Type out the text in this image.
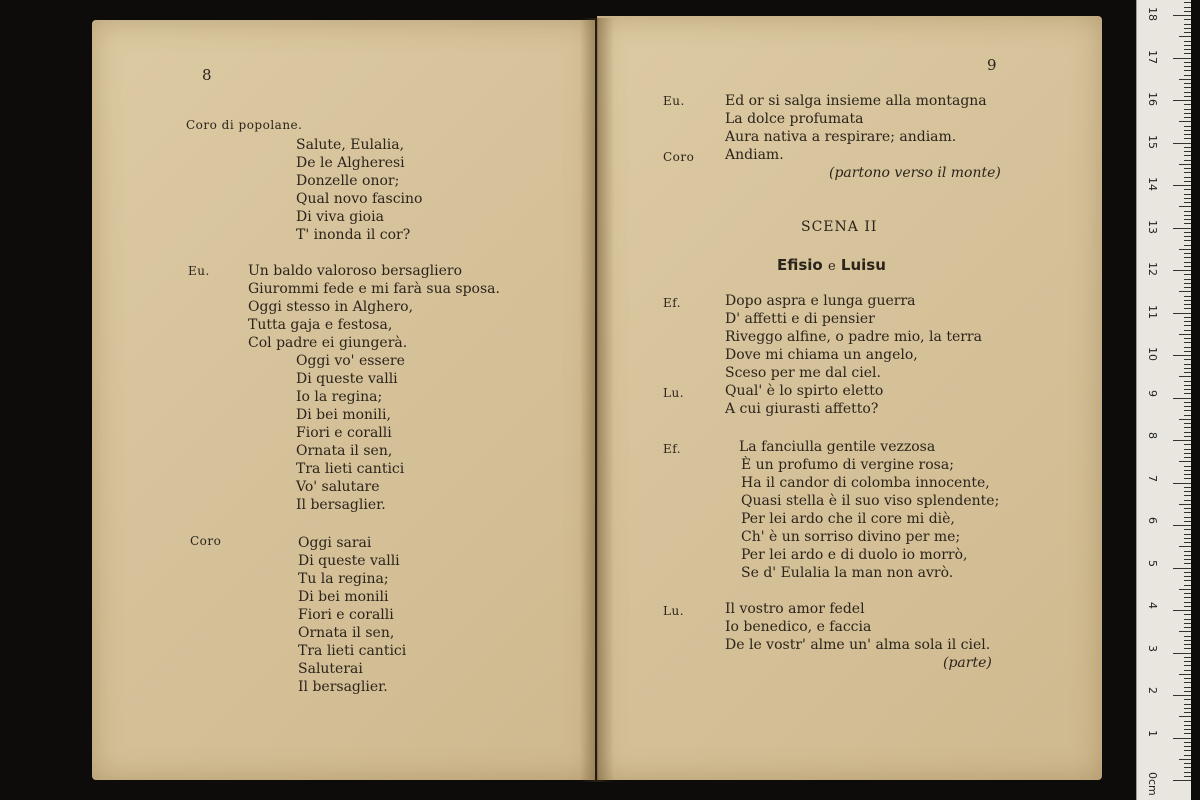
8
Coro di popolane.
Salute, Eulalia,
De le Algheresi
Donzelle onor;
Qual novo fascino
Di viva gioia
T' inonda il cor?
Eu.	Un baldo valoroso bersagliero
Giurommi fede e mi farà sua sposa.
Oggi stesso in Alghero,
Tutta gaja e festosa,
Col padre ei giungerà.
Oggi vo' essere
Di queste valli
Io la regina;
Di bei monili,
Fiori e coralli
Ornata il sen,
Tra lieti cantici
Vo' salutare
Il bersaglier.
Coro	Oggi sarai
Di queste valli
Tu la regina;
Di bei monili
Fiori e coralli
Ornata il sen,
Tra lieti cantici
Saluterai
Il bersaglier.
9
SCENA II
Efisio e Luisu
Eu.	Ed or si salga insieme alla montagna
La dolce profumata
Aura nativa a respirare; andiam.
Coro Andiam.
(partono verso il monte)
Ef.	Dopo aspra e lunga guerra
D' affetti e di pensier
Riveggo alfine, o padre mio, la terra
Dove mi chiama un angelo,
Sceso per me dal ciel.
Lu.	Qual' è lo spirto eletto
A cui giurasti affetto?
Ef.	La fanciulla gentile vezzosa
È un profumo di vergine rosa;
Ha il candor di colomba innocente,
Quasi stella è il suo viso splendente;
Per lei ardo che il core mi diè,
Ch' è un sorriso divino per me;
Per lei ardo e di duolo io morrò,
Se d' Eulalia la man non avrò.
Lu.	Il vostro amor fedel
Io benedico, e faccia
De le vostr' alme un' alma sola il ciel.
(parte)
0cm
1
2
3
4
5
6
7
8
9
10
11
12
13
14
15
16
17
18
